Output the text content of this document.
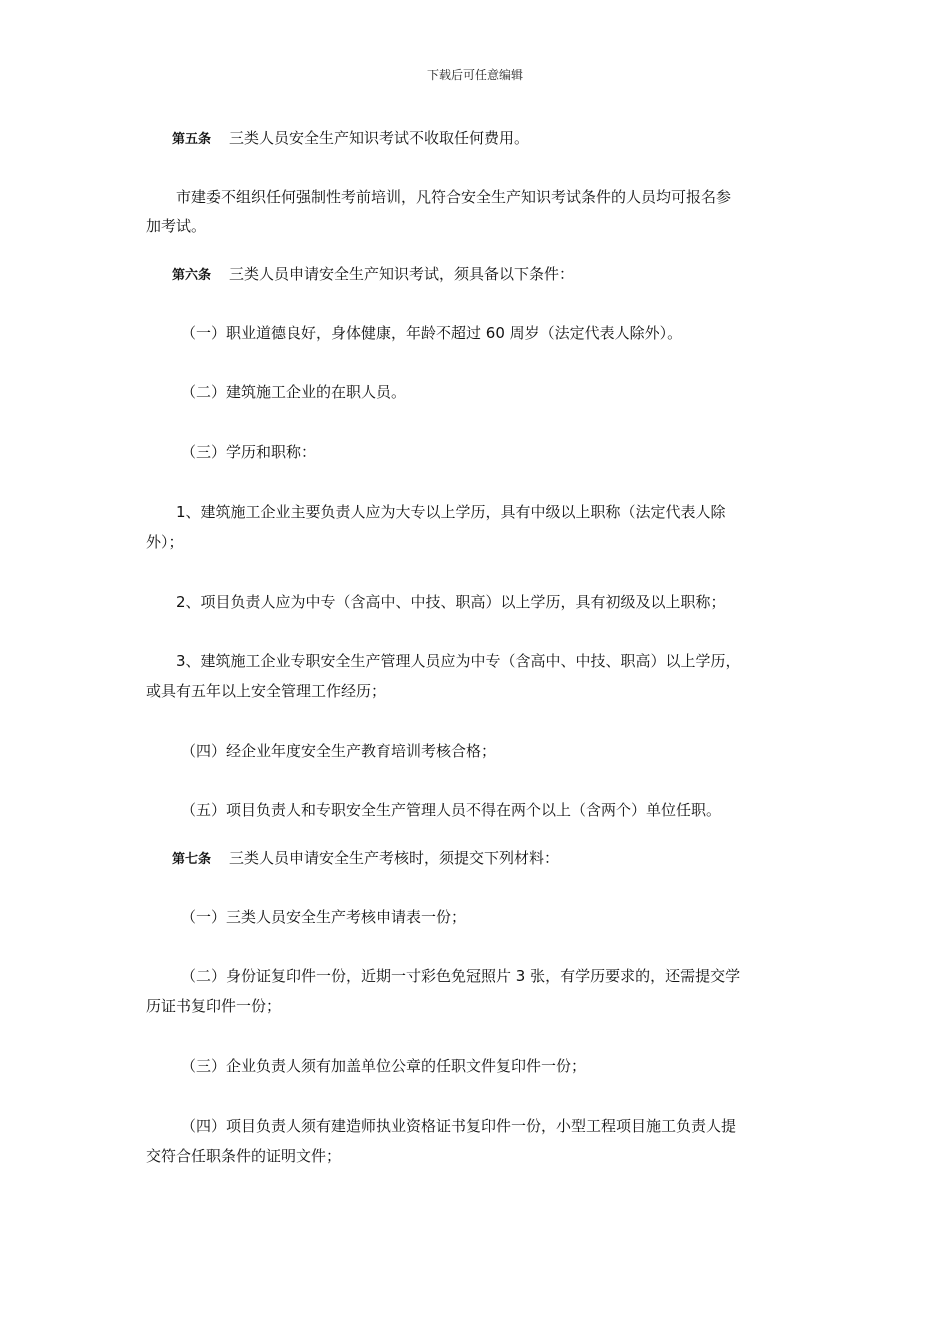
下载后可任意编辑
第五条 三类人员安全生产知识考试不收取任何费用。
市建委不组织任何强制性考前培训，凡符合安全生产知识考试条件的人员均可报名参
加考试。
第六条 三类人员申请安全生产知识考试，须具备以下条件：
（一）职业道德良好，身体健康，年龄不超过 60 周岁（法定代表人除外）。
（二）建筑施工企业的在职人员。
（三）学历和职称：
1、建筑施工企业主要负责人应为大专以上学历，具有中级以上职称（法定代表人除
外）；
2、项目负责人应为中专（含高中、中技、职高）以上学历，具有初级及以上职称；
3、建筑施工企业专职安全生产管理人员应为中专（含高中、中技、职高）以上学历，
或具有五年以上安全管理工作经历；
（四）经企业年度安全生产教育培训考核合格；
（五）项目负责人和专职安全生产管理人员不得在两个以上（含两个）单位任职。
第七条 三类人员申请安全生产考核时，须提交下列材料：
（一）三类人员安全生产考核申请表一份；
（二）身份证复印件一份，近期一寸彩色免冠照片 3 张，有学历要求的，还需提交学
历证书复印件一份；
（三）企业负责人须有加盖单位公章的任职文件复印件一份；
（四）项目负责人须有建造师执业资格证书复印件一份，小型工程项目施工负责人提
交符合任职条件的证明文件；
